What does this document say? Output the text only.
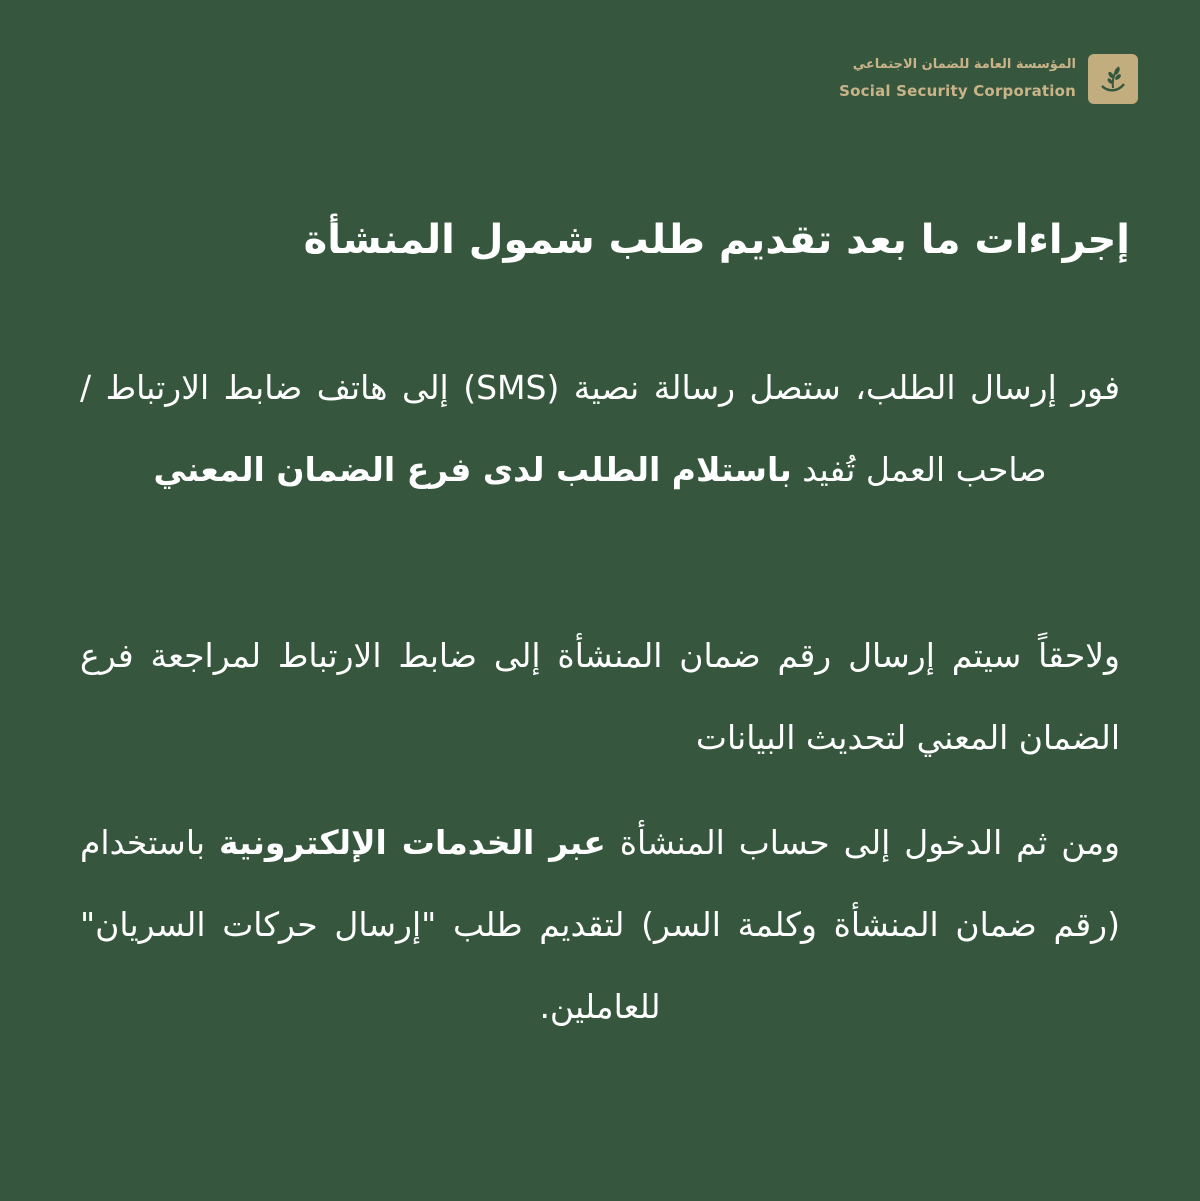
المؤسسة العامة للضمان الاجتماعي
Social Security Corporation
إجراءات ما بعد تقديم طلب شمول المنشأة

فور إرسال الطلب، ستصل رسالة نصية (SMS) إلى هاتف ضابط الارتباط / صاحب العمل تُفيد باستلام الطلب لدى فرع الضمان المعني

ولاحقاً سيتم إرسال رقم ضمان المنشأة إلى ضابط الارتباط لمراجعة فرع الضمان المعني لتحديث البيانات

ومن ثم الدخول إلى حساب المنشأة عبر الخدمات الإلكترونية باستخدام (رقم ضمان المنشأة وكلمة السر) لتقديم طلب "إرسال حركات السريان" للعاملين.
